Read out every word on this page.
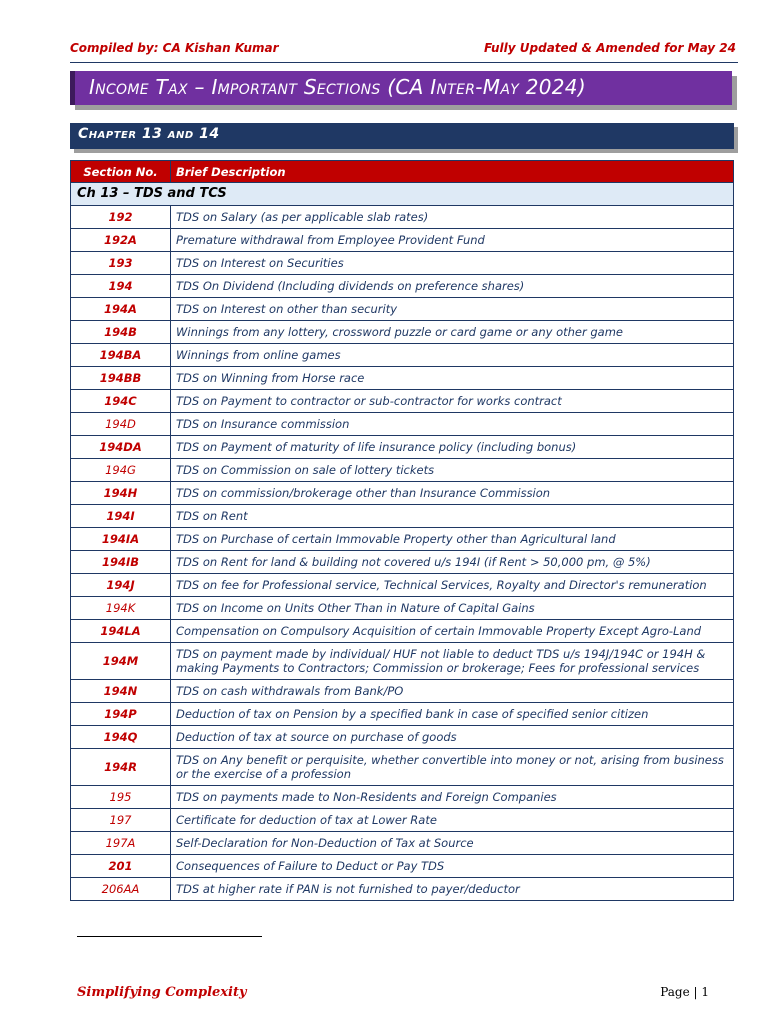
Compiled by: CA Kishan Kumar	Fully Updated & Amended for May 24
Income Tax – Important Sections (CA Inter-May 2024)
Chapter 13 and 14
Section No.	Brief Description
Ch 13 – TDS and TCS	
192	TDS on Salary (as per applicable slab rates)
192A	Premature withdrawal from Employee Provident Fund
193	TDS on Interest on Securities
194	TDS On Dividend (Including dividends on preference shares)
194A	TDS on Interest on other than security
194B	Winnings from any lottery, crossword puzzle or card game or any other game
194BA	Winnings from online games
194BB	TDS on Winning from Horse race
194C	TDS on Payment to contractor or sub-contractor for works contract
194D	TDS on Insurance commission
194DA	TDS on Payment of maturity of life insurance policy (including bonus)
194G	TDS on Commission on sale of lottery tickets
194H	TDS on commission/brokerage other than Insurance Commission
194I	TDS on Rent
194IA	TDS on Purchase of certain Immovable Property other than Agricultural land
194IB	TDS on Rent for land & building not covered u/s 194I (if Rent > 50,000 pm, @ 5%)
194J	TDS on fee for Professional service, Technical Services, Royalty and Director's remuneration
194K	TDS on Income on Units Other Than in Nature of Capital Gains
194LA	Compensation on Compulsory Acquisition of certain Immovable Property Except Agro-Land
194M	TDS on payment made by individual/ HUF not liable to deduct TDS u/s 194J/194C or 194H & making Payments to Contractors; Commission or brokerage; Fees for professional services
194N	TDS on cash withdrawals from Bank/PO
194P	Deduction of tax on Pension by a specified bank in case of specified senior citizen
194Q	Deduction of tax at source on purchase of goods
194R	TDS on Any benefit or perquisite, whether convertible into money or not, arising from business or the exercise of a profession
195	TDS on payments made to Non-Residents and Foreign Companies
197	Certificate for deduction of tax at Lower Rate
197A	Self-Declaration for Non-Deduction of Tax at Source
201	Consequences of Failure to Deduct or Pay TDS
206AA	TDS at higher rate if PAN is not furnished to payer/deductor
Simplifying Complexity	Page | 1
